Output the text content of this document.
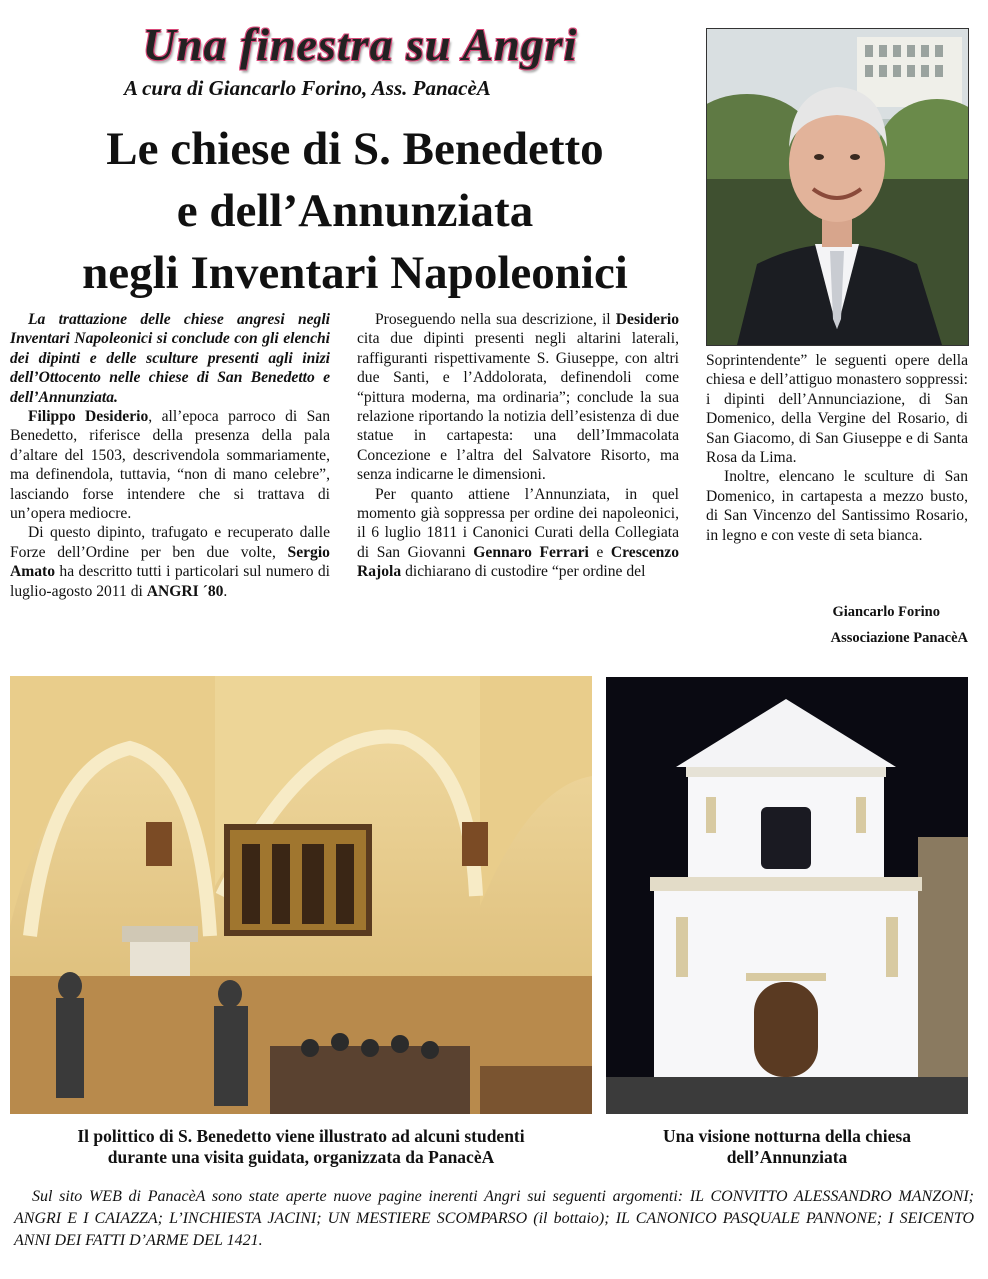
Una finestra su Angri
A cura di Giancarlo Forino, Ass. PanacèA
Le chiese di S. Benedetto
e dell’Annunziata
negli Inventari Napoleonici

La trattazione delle chiese angresi negli Inventari Napoleonici si conclude con gli elenchi dei dipinti e delle sculture presenti agli inizi dell’Ottocento nelle chiese di San Benedetto e dell’Annunziata.

Filippo Desiderio, all’epoca parroco di San Benedetto, riferisce della presenza della pala d’altare del 1503, descrivendola sommariamente, ma definendola, tuttavia, “non di mano celebre”, lasciando forse intendere che si trattava di un’opera mediocre.

Di questo dipinto, trafugato e recuperato dalle Forze dell’Ordine per ben due volte, Sergio Amato ha descritto tutti i particolari sul numero di luglio-agosto 2011 di ANGRI ´80.

Proseguendo nella sua descrizione, il Desiderio cita due dipinti presenti negli altarini laterali, raffiguranti rispettivamente S. Giuseppe, con altri due Santi, e l’Addolorata, definendoli come “pittura moderna, ma ordinaria”; conclude la sua relazione riportando la notizia dell’esistenza di due statue in cartapesta: una dell’Immacolata Concezione e l’altra del Salvatore Risorto, ma senza indicarne le dimensioni.

Per quanto attiene l’Annunziata, in quel momento già soppressa per ordine dei napoleonici, il 6 luglio 1811 i Canonici Curati della Collegiata di San Giovanni Gennaro Ferrari e Crescenzo Rajola dichiarano di custodire “per ordine del

Soprintendente” le seguenti opere della chiesa e dell’attiguo monastero soppressi: i dipinti dell’Annunciazione, di San Domenico, della Vergine del Rosario, di San Giacomo, di San Giuseppe e di Santa Rosa da Lima.

Inoltre, elencano le sculture di San Domenico, in cartapesta a mezzo busto, di San Vincenzo del Santissimo Rosario, in legno e con veste di seta bianca.

Giancarlo Forino
Associazione PanacèA
Il polittico di S. Benedetto viene illustrato ad alcuni studenti
durante una visita guidata, organizzata da PanacèA
Una visione notturna della chiesa
dell’Annunziata
Sul sito WEB di PanacèA sono state aperte nuove pagine inerenti Angri sui seguenti argomenti: IL CONVITTO ALESSANDRO MANZONI; ANGRI E I CAIAZZA; L’INCHIESTA JACINI; UN MESTIERE SCOMPARSO (il bottaio); IL CANONICO PASQUALE PANNONE; I SEICENTO ANNI DEI FATTI D’ARME DEL 1421.
